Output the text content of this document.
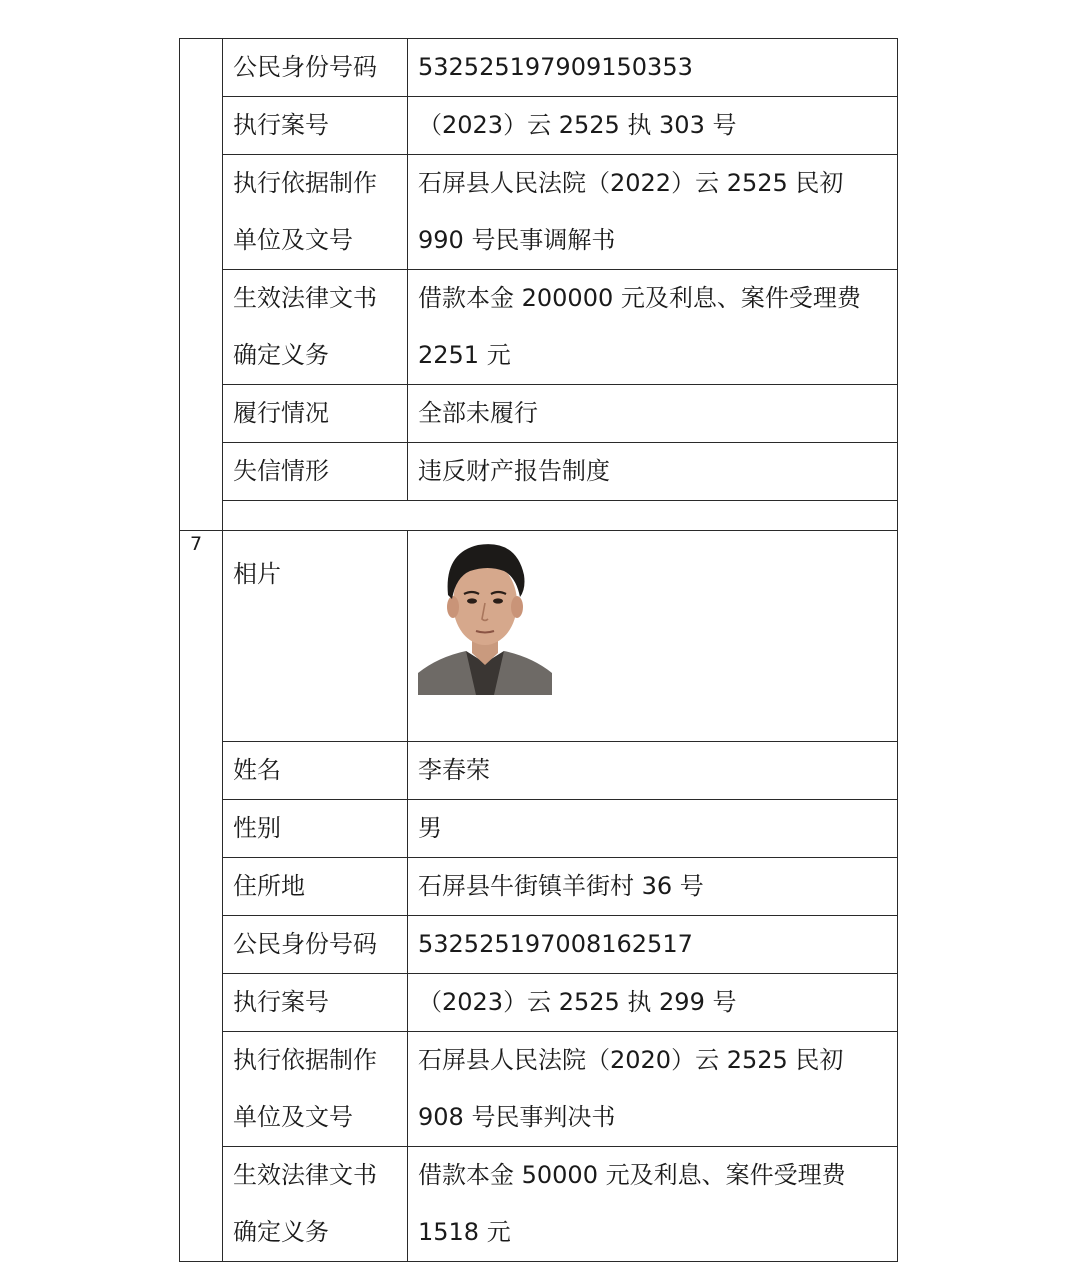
	公民身份号码	532525197909150353
	执行案号	（2023）云 2525 执 303 号
	执行依据制作
单位及文号	石屏县人民法院（2022）云 2525 民初
990 号民事调解书
	生效法律文书
确定义务	借款本金 200000 元及利息、案件受理费
2251 元
	履行情况	全部未履行
	失信情形	违反财产报告制度

7	相片	

	姓名	李春荣
	性别	男
	住所地	石屏县牛街镇羊街村 36 号
	公民身份号码	532525197008162517
	执行案号	（2023）云 2525 执 299 号
	执行依据制作
单位及文号	石屏县人民法院（2020）云 2525 民初
908 号民事判决书
	生效法律文书
确定义务	借款本金 50000 元及利息、案件受理费
1518 元
